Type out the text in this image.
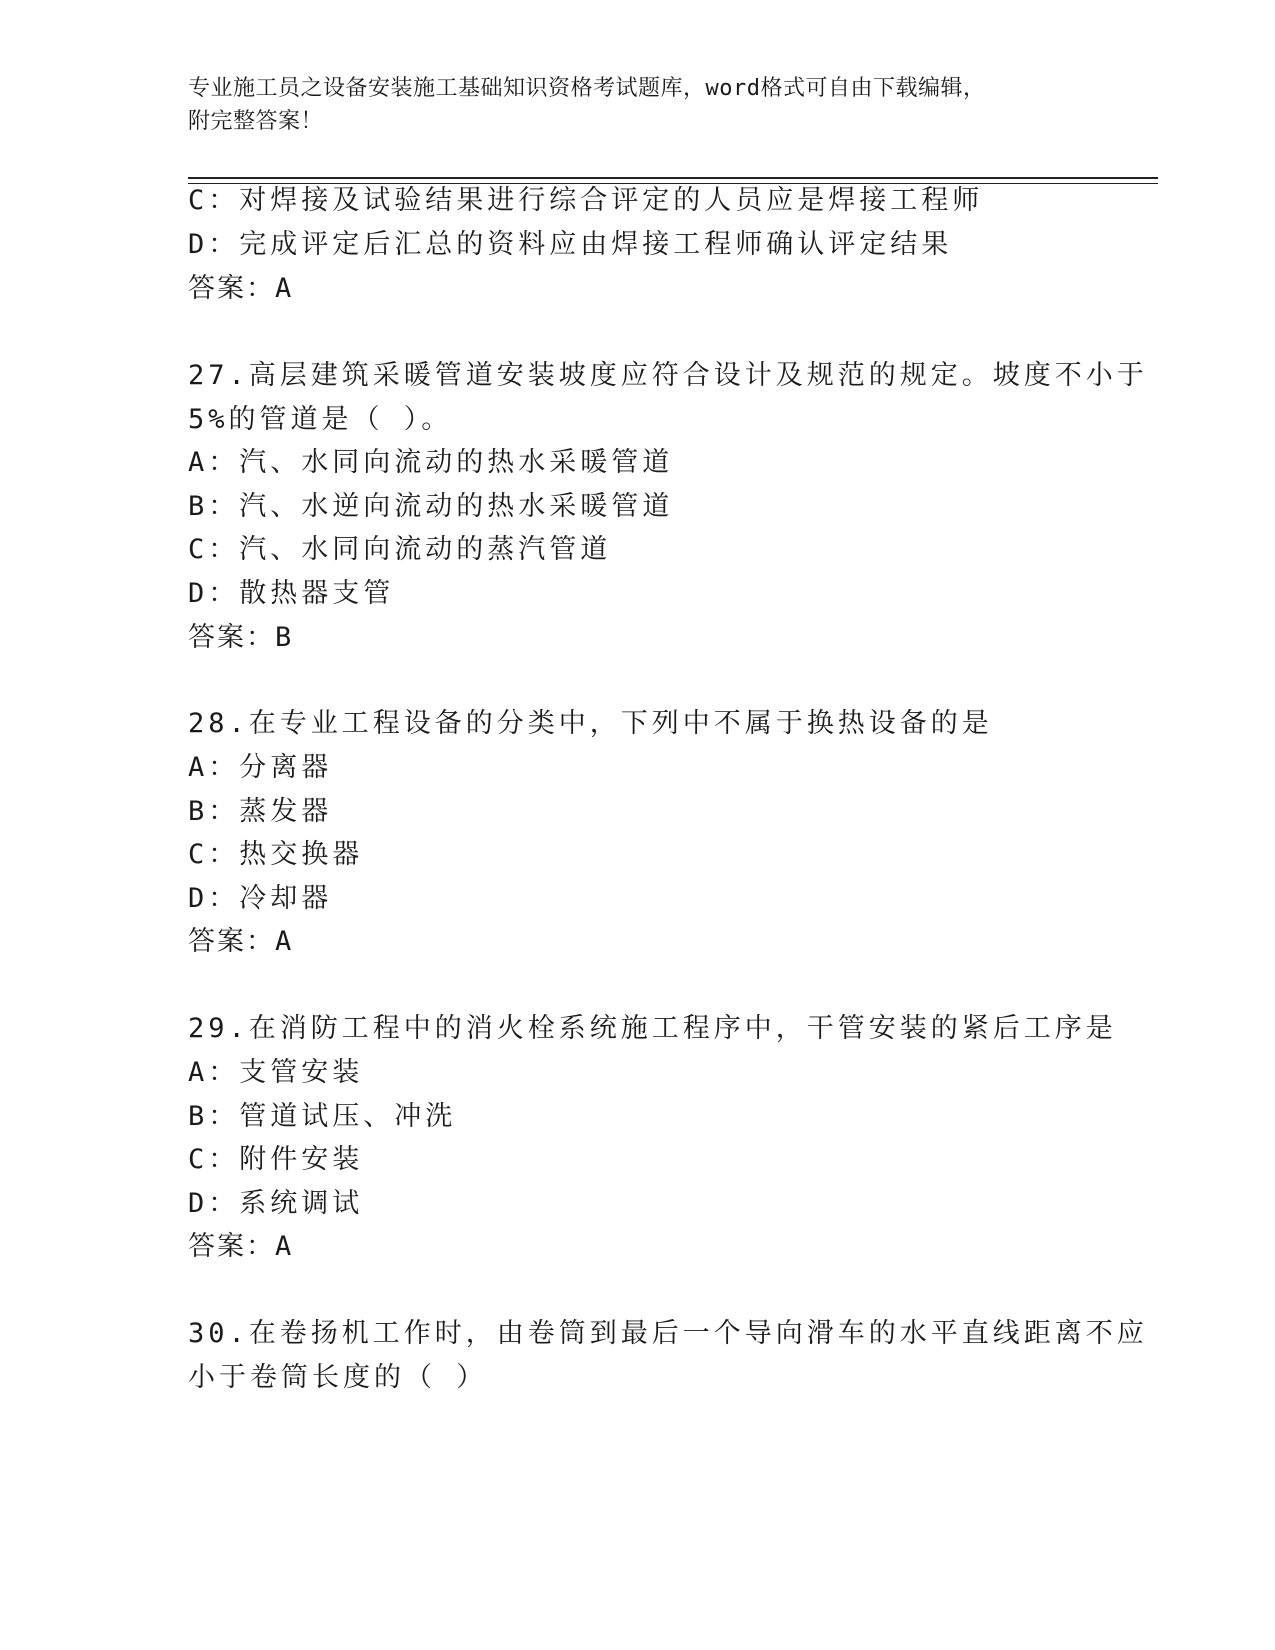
专业施工员之设备安装施工基础知识资格考试题库，word格式可自由下载编辑，
附完整答案！
C：对焊接及试验结果进行综合评定的人员应是焊接工程师
D：完成评定后汇总的资料应由焊接工程师确认评定结果
答案：A
27.高层建筑采暖管道安装坡度应符合设计及规范的规定。坡度不小于
5%的管道是（ ）。
A：汽、水同向流动的热水采暖管道
B：汽、水逆向流动的热水采暖管道
C：汽、水同向流动的蒸汽管道
D：散热器支管
答案：B
28.在专业工程设备的分类中，下列中不属于换热设备的是
A：分离器
B：蒸发器
C：热交换器
D：冷却器
答案：A
29.在消防工程中的消火栓系统施工程序中，干管安装的紧后工序是
A：支管安装
B：管道试压、冲洗
C：附件安装
D：系统调试
答案：A
30.在卷扬机工作时，由卷筒到最后一个导向滑车的水平直线距离不应
小于卷筒长度的（ ）
